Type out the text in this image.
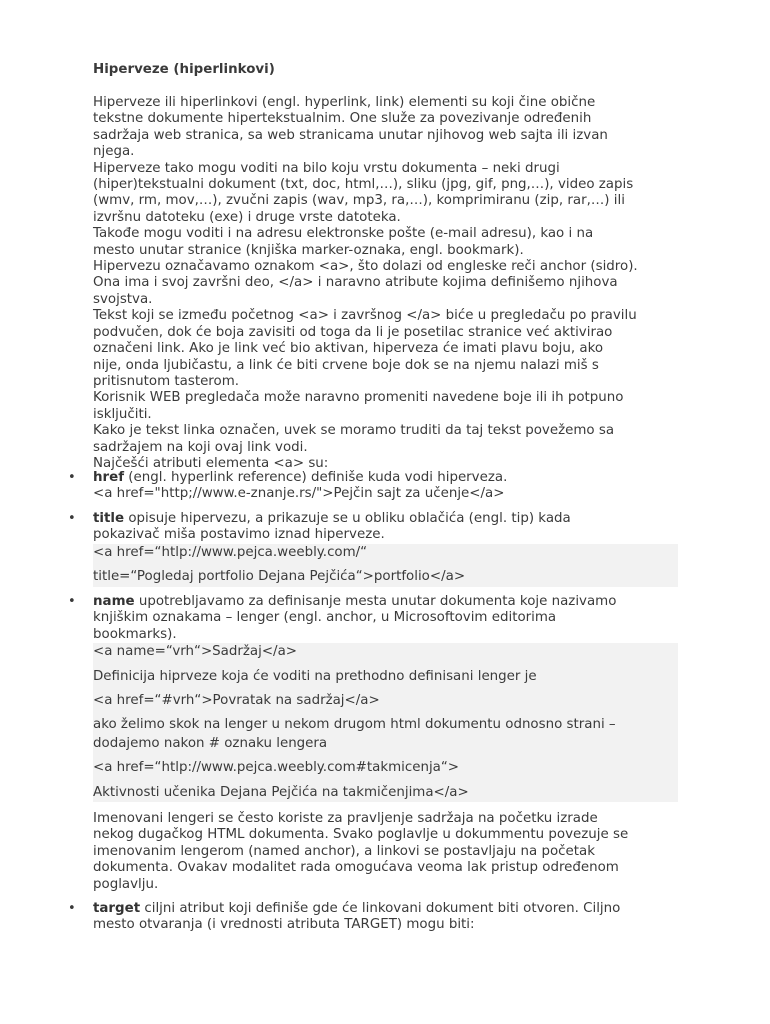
Hiperveze (hiperlinkovi)

Hiperveze ili hiperlinkovi (engl. hyperlink, link) elementi su koji čine obične

tekstne dokumente hipertekstualnim. One služe za povezivanje određenih

sadržaja web stranica, sa web stranicama unutar njihovog web sajta ili izvan

njega.

Hiperveze tako mogu voditi na bilo koju vrstu dokumenta – neki drugi

(hiper)tekstualni dokument (txt, doc, html,…), sliku (jpg, gif, png,…), video zapis

(wmv, rm, mov,…), zvučni zapis (wav, mp3, ra,…), komprimiranu (zip, rar,…) ili

izvršnu datoteku (exe) i druge vrste datoteka.

Takođe mogu voditi i na adresu elektronske pošte (e-mail adresu), kao i na

mesto unutar stranice (knjiška marker-oznaka, engl. bookmark).

Hipervezu označavamo oznakom <a>, što dolazi od engleske reči anchor (sidro).

Ona ima i svoj završni deo, </a> i naravno atribute kojima definišemo njihova

svojstva.

Tekst koji se između početnog <a> i završnog </a> biće u pregledaču po pravilu

podvučen, dok će boja zavisiti od toga da li je posetilac stranice već aktivirao

označeni link. Ako je link već bio aktivan, hiperveza će imati plavu boju, ako

nije, onda ljubičastu, a link će biti crvene boje dok se na njemu nalazi miš s

pritisnutom tasterom.

Korisnik WEB pregledača može naravno promeniti navedene boje ili ih potpuno

isključiti.

Kako je tekst linka označen, uvek se moramo truditi da taj tekst povežemo sa

sadržajem na koji ovaj link vodi.

Najčešći atributi elementa <a> su:

• href (engl. hyperlink reference) definiše kuda vodi hiperveza.

<a href="http;//www.e-znanje.rs/">Pejčin sajt za učenje</a>

• title opisuje hipervezu, a prikazuje se u obliku oblačića (engl. tip) kada

pokazivač miša postavimo iznad hiperveze.

<a href=“htlp://www.pejca.weebly.com/“

title=“Pogledaj portfolio Dejana Pejčića“>portfolio</a>

• name upotrebljavamo za definisanje mesta unutar dokumenta koje nazivamo

knjiškim oznakama – lenger (engl. anchor, u Microsoftovim editorima

bookmarks).

<a name=“vrh“>Sadržaj</a>

Definicija hiprveze koja će voditi na prethodno definisani lenger je

<a href=“#vrh“>Povratak na sadržaj</a>

ako želimo skok na lenger u nekom drugom html dokumentu odnosno strani –

dodajemo nakon # oznaku lengera

<a href=“htlp://www.pejca.weebly.com#takmicenja“>

Aktivnosti učenika Dejana Pejčića na takmičenjima</a>

Imenovani lengeri se često koriste za pravljenje sadržaja na početku izrade

nekog dugačkog HTML dokumenta. Svako poglavlje u dokummentu povezuje se

imenovanim lengerom (named anchor), a linkovi se postavljaju na početak

dokumenta. Ovakav modalitet rada omogućava veoma lak pristup određenom

poglavlju.

• target ciljni atribut koji definiše gde će linkovani dokument biti otvoren. Ciljno

mesto otvaranja (i vrednosti atributa TARGET) mogu biti:
